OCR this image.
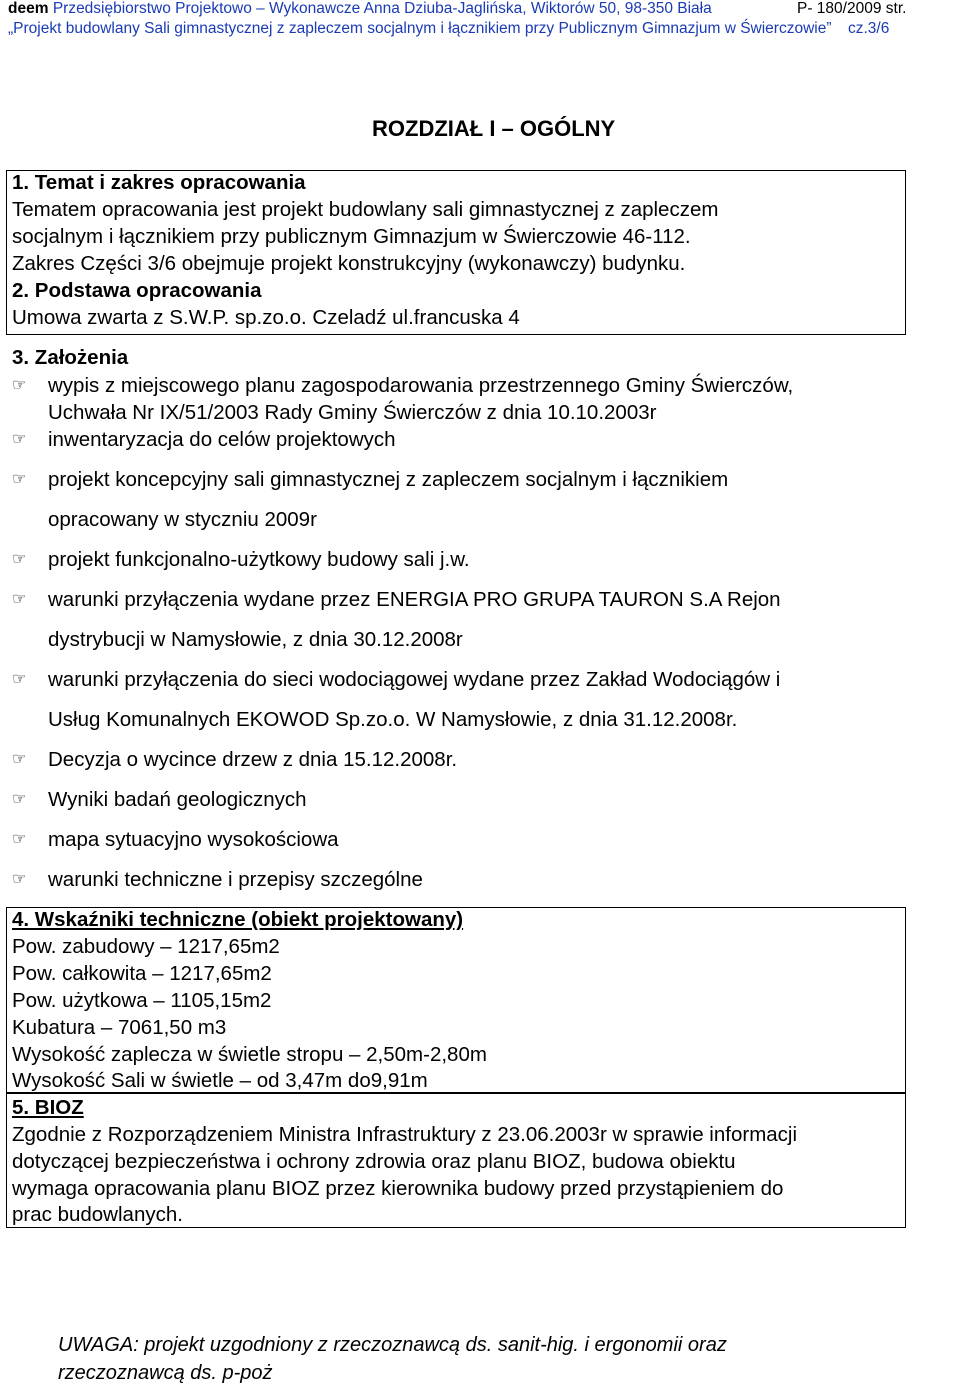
deem Przedsiębiorstwo Projektowo – Wykonawcze Anna Dziuba-Jaglińska, Wiktorów 50, 98-350 Biała	P- 180/2009 str.
„Projekt budowlany Sali gimnastycznej z zapleczem socjalnym i łącznikiem przy Publicznym Gimnazjum w Świerczowie” cz.3/6
ROZDZIAŁ I – OGÓLNY
1. Temat i zakres opracowania
Tematem opracowania jest projekt budowlany sali gimnastycznej z zapleczem
socjalnym i łącznikiem przy publicznym Gimnazjum w Świerczowie 46-112.
Zakres Części 3/6 obejmuje projekt konstrukcyjny (wykonawczy) budynku.
2. Podstawa opracowania
Umowa zwarta z S.W.P. sp.zo.o. Czeladź ul.francuska 4
3. Założenia
☞ wypis z miejscowego planu zagospodarowania przestrzennego Gminy Świerczów,
Uchwała Nr IX/51/2003 Rady Gminy Świerczów z dnia 10.10.2003r
☞ inwentaryzacja do celów projektowych
☞ projekt koncepcyjny sali gimnastycznej z zapleczem socjalnym i łącznikiem
opracowany w styczniu 2009r
☞ projekt funkcjonalno-użytkowy budowy sali j.w.
☞ warunki przyłączenia wydane przez ENERGIA PRO GRUPA TAURON S.A Rejon
dystrybucji w Namysłowie, z dnia 30.12.2008r
☞ warunki przyłączenia do sieci wodociągowej wydane przez Zakład Wodociągów i
Usług Komunalnych EKOWOD Sp.zo.o. W Namysłowie, z dnia 31.12.2008r.
☞ Decyzja o wycince drzew z dnia 15.12.2008r.
☞ Wyniki badań geologicznych
☞ mapa sytuacyjno wysokościowa
☞ warunki techniczne i przepisy szczególne
4. Wskaźniki techniczne (obiekt projektowany)
Pow. zabudowy – 1217,65m2
Pow. całkowita – 1217,65m2
Pow. użytkowa – 1105,15m2
Kubatura – 7061,50 m3
Wysokość zaplecza w świetle stropu – 2,50m-2,80m
Wysokość Sali w świetle – od 3,47m do9,91m
5. BIOZ
Zgodnie z Rozporządzeniem Ministra Infrastruktury z 23.06.2003r w sprawie informacji
dotyczącej bezpieczeństwa i ochrony zdrowia oraz planu BIOZ, budowa obiektu
wymaga opracowania planu BIOZ przez kierownika budowy przed przystąpieniem do
prac budowlanych.
UWAGA: projekt uzgodniony z rzeczoznawcą ds. sanit-hig. i ergonomii oraz
rzeczoznawcą ds. p-poż
